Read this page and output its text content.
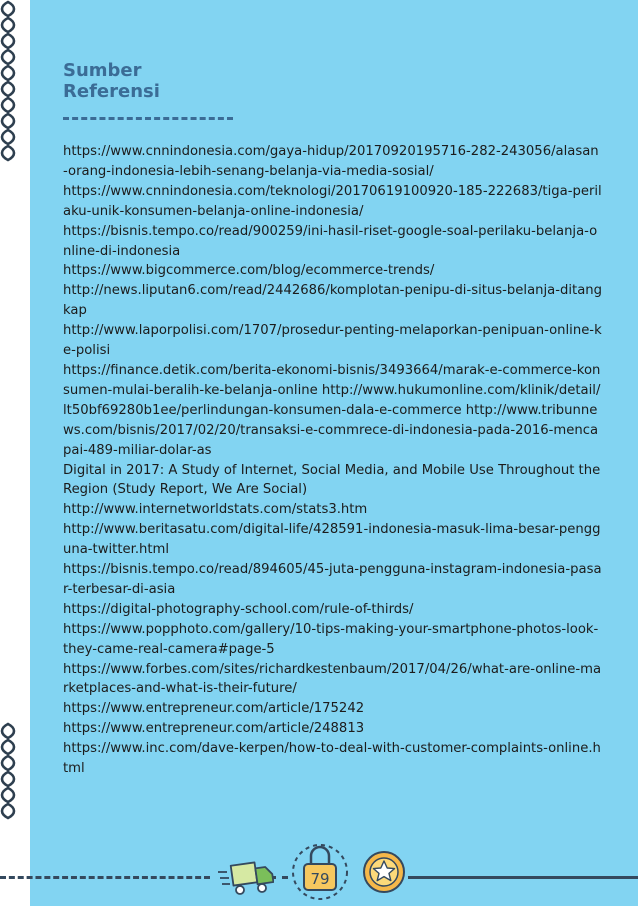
Sumber
Referensi
https://www.cnnindonesia.com/gaya-hidup/20170920195716-282-243056/alasan-orang-indonesia-lebih-senang-belanja-via-media-sosial/
https://www.cnnindonesia.com/teknologi/20170619100920-185-222683/tiga-perilaku-unik-konsumen-belanja-online-indonesia/
https://bisnis.tempo.co/read/900259/ini-hasil-riset-google-soal-perilaku-belanja-online-di-indonesia
https://www.bigcommerce.com/blog/ecommerce-trends/
http://news.liputan6.com/read/2442686/komplotan-penipu-di-situs-belanja-ditangkap
http://www.laporpolisi.com/1707/prosedur-penting-melaporkan-penipuan-online-ke-polisi
https://finance.detik.com/berita-ekonomi-bisnis/3493664/marak-e-commerce-konsumen-mulai-beralih-ke-belanja-online http://www.hukumonline.com/klinik/detail/lt50bf69280b1ee/perlindungan-konsumen-dala-e-commerce http://www.tribunnews.com/bisnis/2017/02/20/transaksi-e-commrece-di-indonesia-pada-2016-mencapai-489-miliar-dolar-as
Digital in 2017: A Study of Internet, Social Media, and Mobile Use Throughout the Region (Study Report, We Are Social)
http://www.internetworldstats.com/stats3.htm
http://www.beritasatu.com/digital-life/428591-indonesia-masuk-lima-besar-pengguna-twitter.html
https://bisnis.tempo.co/read/894605/45-juta-pengguna-instagram-indonesia-pasar-terbesar-di-asia
https://digital-photography-school.com/rule-of-thirds/
https://www.popphoto.com/gallery/10-tips-making-your-smartphone-photos-look-they-came-real-camera#page-5
https://www.forbes.com/sites/richardkestenbaum/2017/04/26/what-are-online-marketplaces-and-what-is-their-future/
https://www.entrepreneur.com/article/175242
https://www.entrepreneur.com/article/248813
https://www.inc.com/dave-kerpen/how-to-deal-with-customer-complaints-online.html
79
